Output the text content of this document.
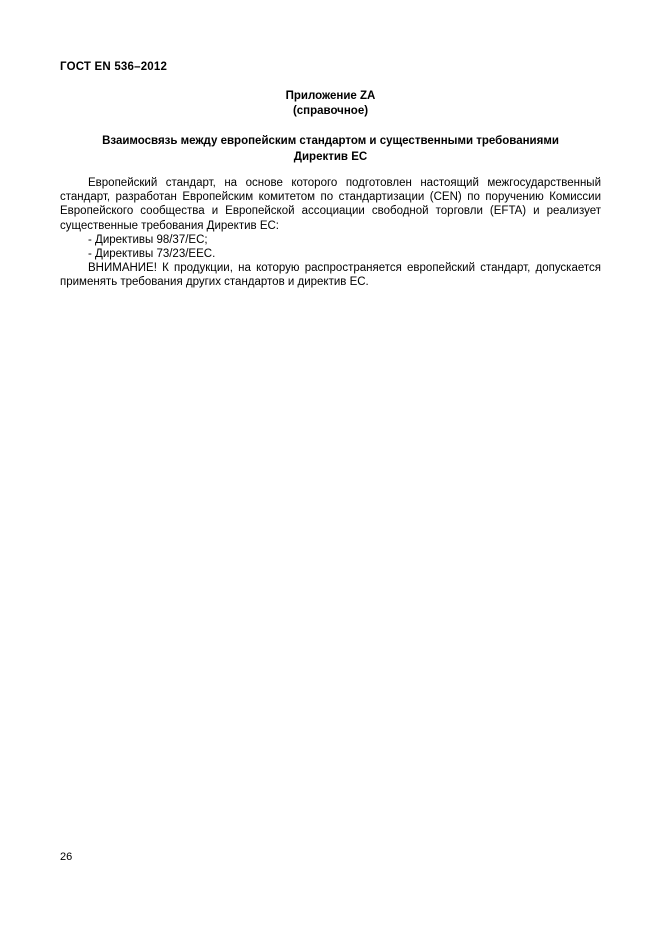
ГОСТ EN 536–2012
Приложение ZA
(справочное)
Взаимосвязь между европейским стандартом и существенными требованиями
Директив ЕС

Европейский стандарт, на основе которого подготовлен настоящий межгосударственный стандарт, разработан Европейским комитетом по стандартизации (CEN) по поручению Комиссии Европейского сообщества и Европейской ассоциации свободной торговли (EFTA) и реализует существенные требования Директив ЕС:

- Директивы 98/37/EC;

- Директивы 73/23/EEC.

ВНИМАНИЕ! К продукции, на которую распространяется европейский стандарт, допускается применять требования других стандартов и директив ЕС.

26
